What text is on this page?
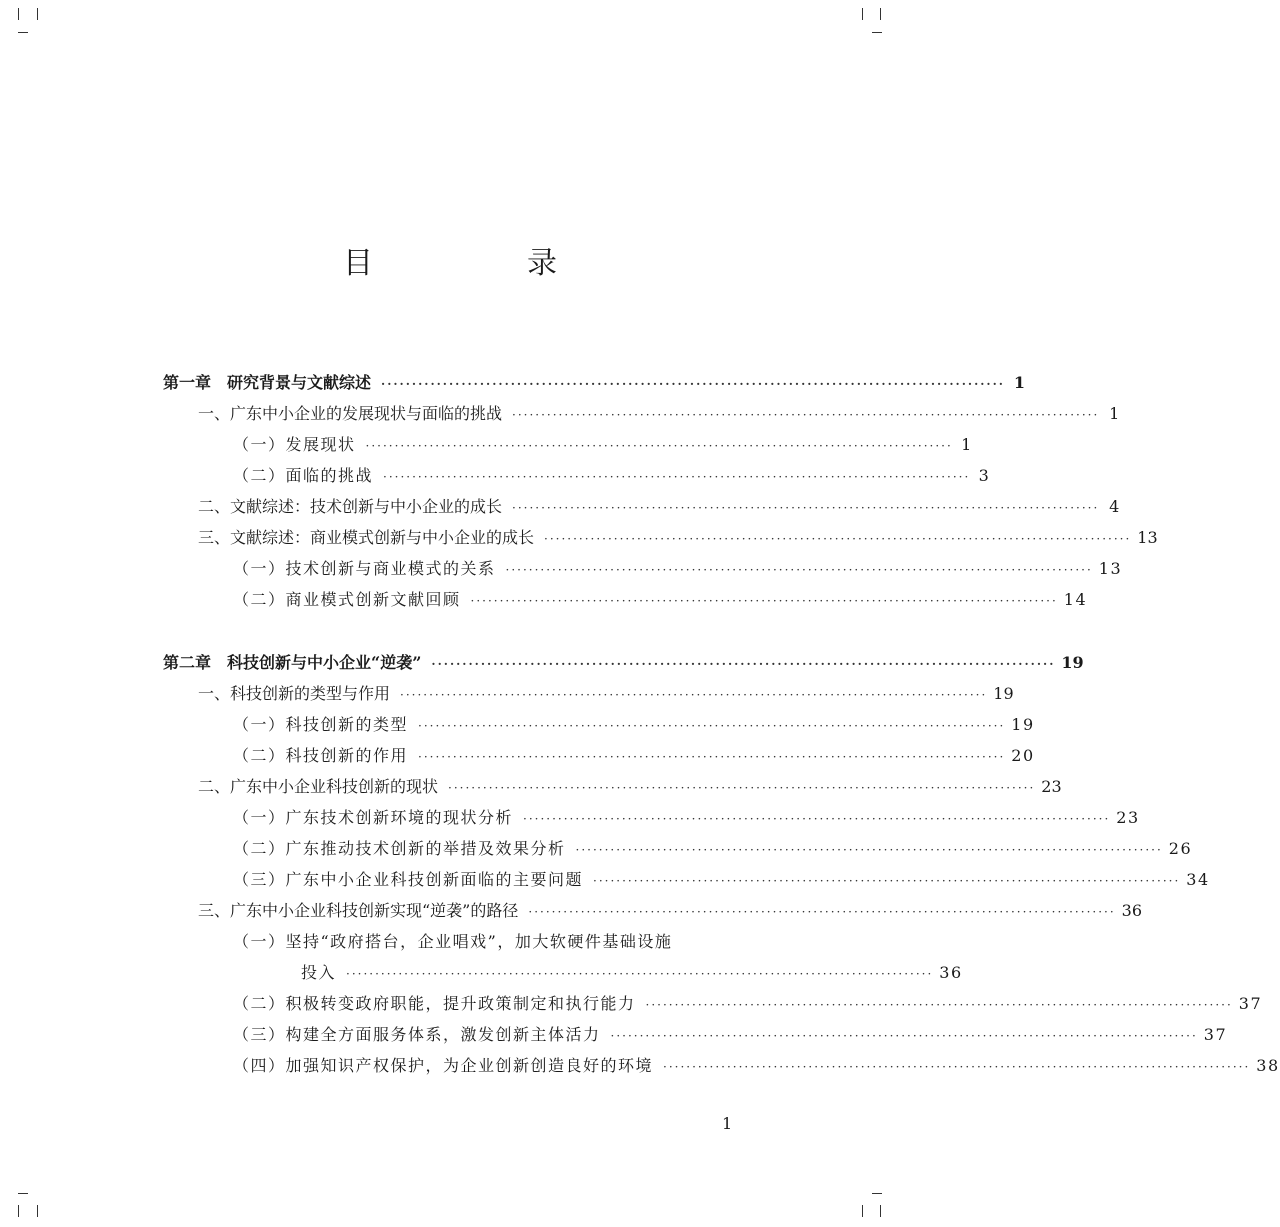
目　录
第一章　研究背景与文献综述 ····································································································· 1
一、广东中小企业的发展现状与面临的挑战 ····································································································· 1
（一）发展现状 ····································································································· 1
（二）面临的挑战 ····································································································· 3
二、文献综述：技术创新与中小企业的成长 ····································································································· 4
三、文献综述：商业模式创新与中小企业的成长 ····································································································· 13
（一）技术创新与商业模式的关系 ····································································································· 13
（二）商业模式创新文献回顾 ····································································································· 14
第二章　科技创新与中小企业“逆袭” ····································································································· 19
一、科技创新的类型与作用 ····································································································· 19
（一）科技创新的类型 ····································································································· 19
（二）科技创新的作用 ····································································································· 20
二、广东中小企业科技创新的现状 ····································································································· 23
（一）广东技术创新环境的现状分析 ····································································································· 23
（二）广东推动技术创新的举措及效果分析 ····································································································· 26
（三）广东中小企业科技创新面临的主要问题 ····································································································· 34
三、广东中小企业科技创新实现“逆袭”的路径 ····································································································· 36
（一）坚持“政府搭台，企业唱戏”，加大软硬件基础设施
投入 ····································································································· 36
（二）积极转变政府职能，提升政策制定和执行能力 ····································································································· 37
（三）构建全方面服务体系，激发创新主体活力 ····································································································· 37
（四）加强知识产权保护，为企业创新创造良好的环境 ····································································································· 38
1
